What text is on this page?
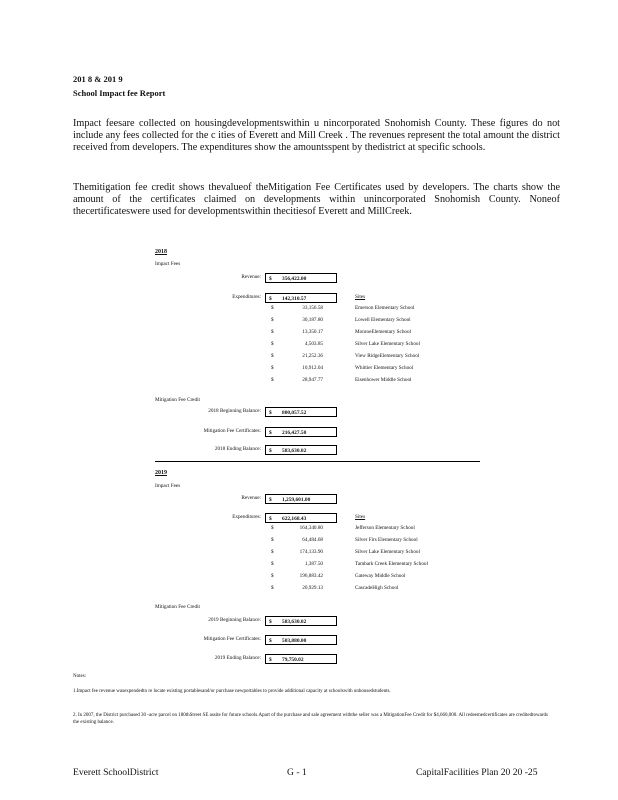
201 8 & 201 9
School Impact fee Report
Impact feesare collected on housingdevelopmentswithin u nincorporated Snohomish County. These figures do not include any fees collected for the c ities of Everett and Mill Creek . The revenues represent the total amount the district received from developers. The expenditures show the amountsspent by thedistrict at specific schools.
Themitigation fee credit shows thevalueof theMitigation Fee Certificates used by developers. The charts show the amount of the certificates claimed on developments within unincorporated Snohomish County. Noneof thecertificateswere used for developmentswithin thecitiesof Everett and MillCreek.
2018
Impact Fees
Revenue: $ 356,422.00
Expenditures: $ 142,310.57	Sites
$	33,156.58	Emerson Elementary School
$	30,187.80	Lowell Elementary School
$	13,350.17	MonroeElementary School
$	4,503.85	Silver Lake Elementary School
$	21,252.36	View RidgeElementary School
$	10,912.04	Whittier Elementary School
$	28,947.77	Eisenhower Middle School
Mitigation Fee Credit
2018 Beginning Balance: $ 800,057.52
Mitigation Fee Certificates: $ 216,427.50
2018 Ending Balance: $ 583,630.02
2019
Impact Fees
Revenue: $ 1,259,601.00
Expenditures: $ 622,168.43	Sites
$	164,340.80	Jefferson Elementary School
$	64,484.68	Silver Firs Elementary School
$	174,133.90	Silver Lake Elementary School
$	1,387.50	Tambark Creek Elementary School
$	196,883.42	Gateway Middle School
$	20,929.13	CascadeHigh School
Mitigation Fee Credit
2019 Beginning Balance: $ 583,630.02
Mitigation Fee Certificates: $ 503,880.00
2019 Ending Balance: $ 79,750.02
Notes:
1.Impact fee revenue wasexpendedto re locate existing portablesand/or purchase newportables to provide additional capacity at schoolswith unhousedstudents.
2. In 2007, the District purchased 30 -acre parcel on 180thStreet SE assite for future schools.Apart of the purchase and sale agreement withthe seller was a MitigationFee Credit for $4,660,000. All redeemedcertificates are creditedtowards the existing balance.
Everett SchoolDistrict	G - 1	CapitalFacilities Plan 20 20 -25
